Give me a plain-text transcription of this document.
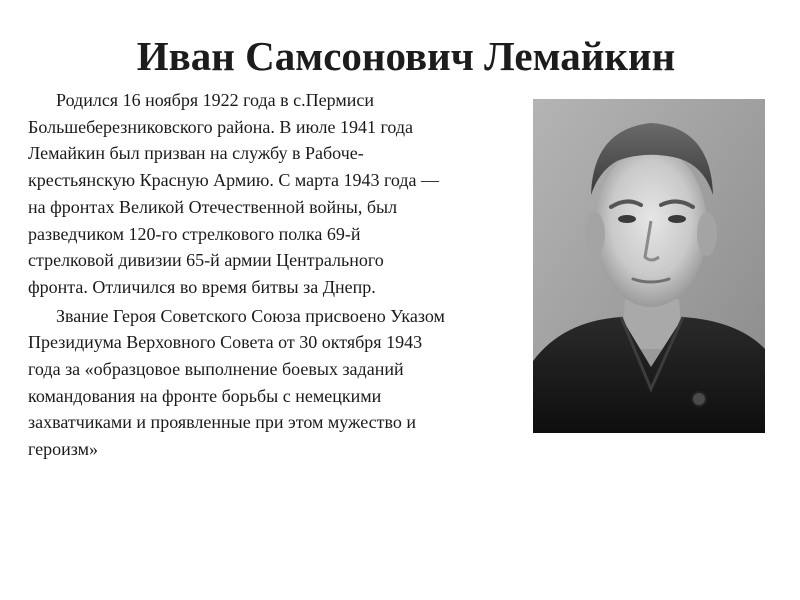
Иван Самсонович Лемайкин

Родился 16 ноября 1922 года в с.Пермиси Большеберезниковского района. В июле 1941 года Лемайкин был призван на службу в Рабоче-крестьянскую Красную Армию. С марта 1943 года — на фронтах Великой Отечественной войны, был разведчиком 120-го стрелкового полка 69-й стрелковой дивизии 65-й армии Центрального фронта. Отличился во время битвы за Днепр.

Звание Героя Советского Союза присвоено Указом Президиума Верховного Совета от 30 октября 1943 года за «образцовое выполнение боевых заданий командования на фронте борьбы с немецкими захватчиками и проявленные при этом мужество и героизм»
